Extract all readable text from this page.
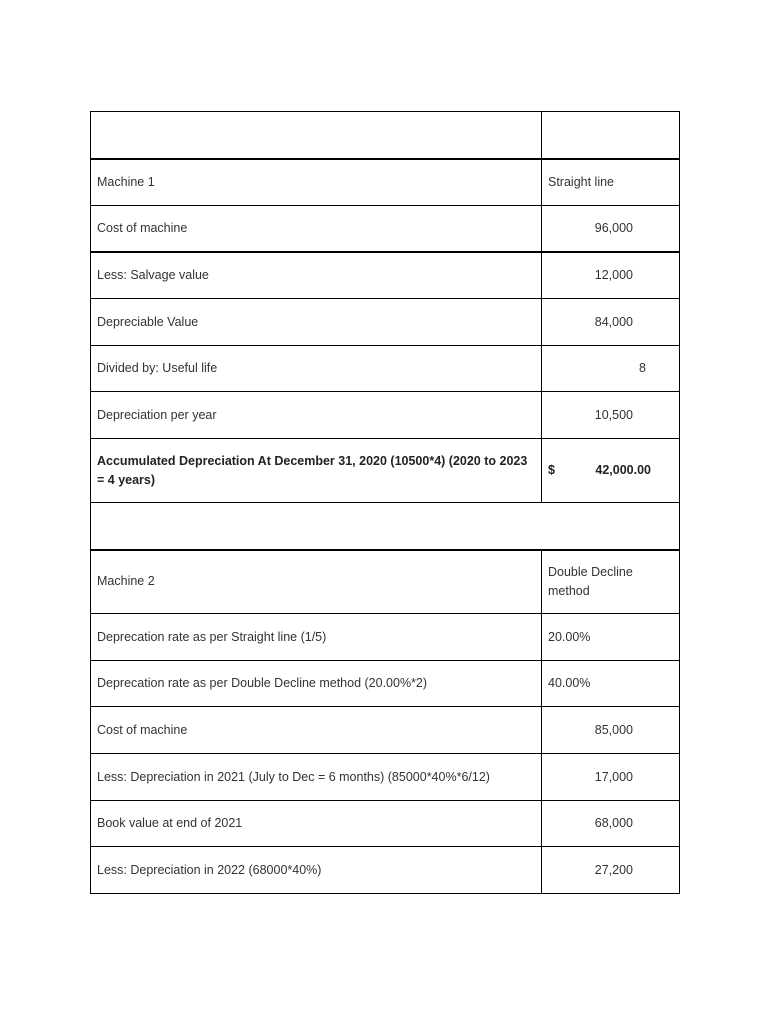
Machine 1	Straight line
Cost of machine	96,000
Less: Salvage value	12,000
Depreciable Value	84,000
Divided by: Useful life	8
Depreciation per year	10,500
Accumulated Depreciation At December 31, 2020 (10500*4) (2020 to 2023 = 4 years)	$ 42,000.00

Machine 2	Double Decline method
Deprecation rate as per Straight line (1/5)	20.00%
Deprecation rate as per Double Decline method (20.00%*2)	40.00%
Cost of machine	85,000
Less: Depreciation in 2021 (July to Dec = 6 months) (85000*40%*6/12)	17,000
Book value at end of 2021	68,000
Less: Depreciation in 2022 (68000*40%)	27,200
